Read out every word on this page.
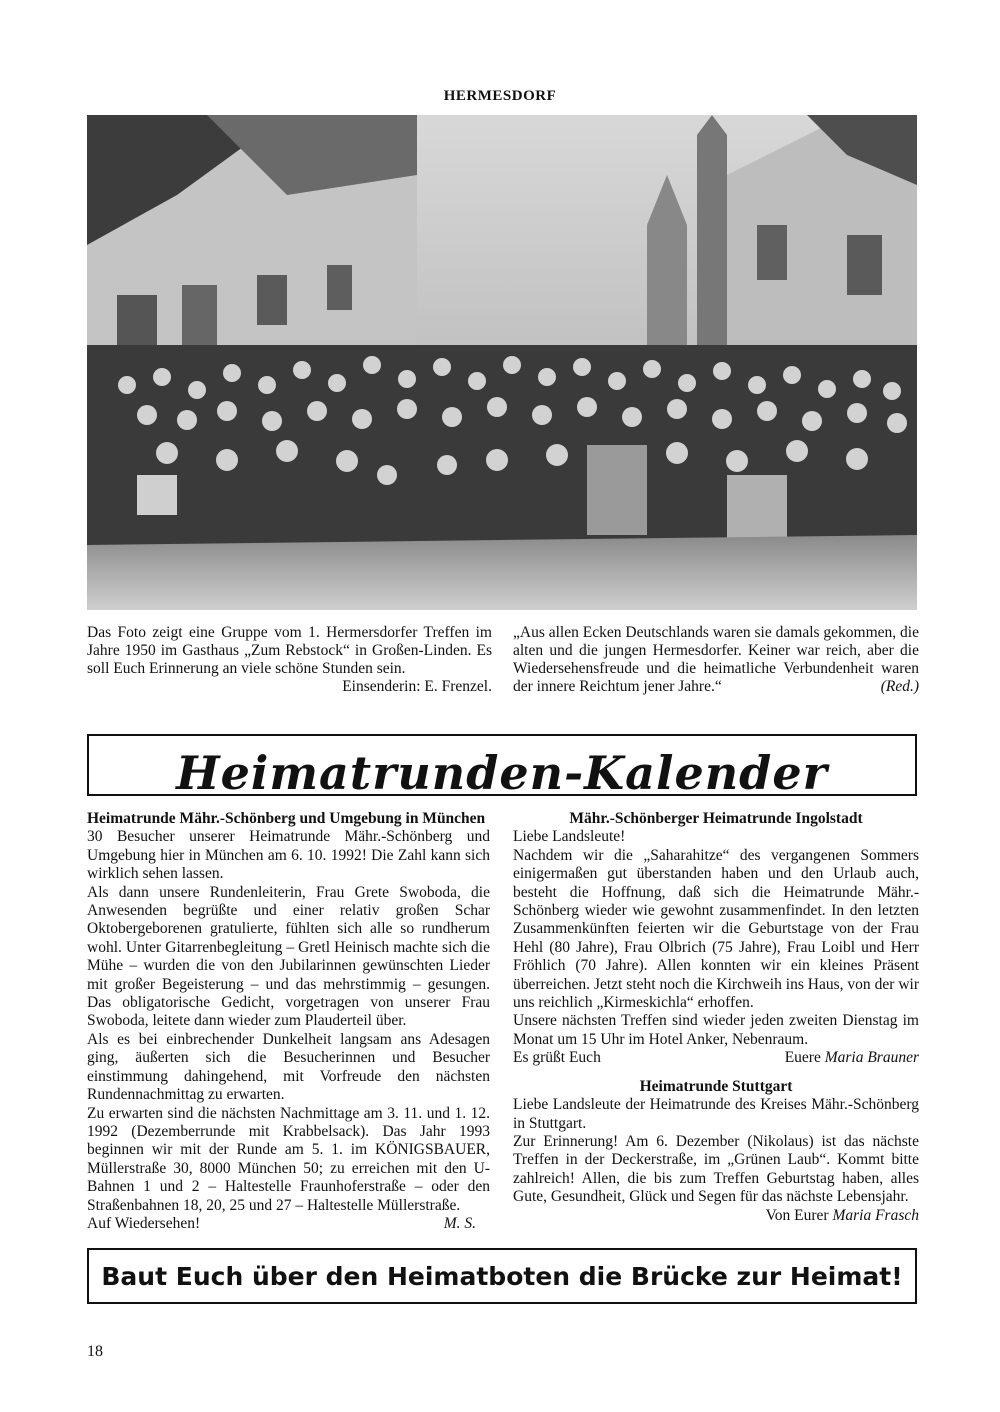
HERMESDORF

Das Foto zeigt eine Gruppe vom 1. Hermersdorfer Treffen im Jahre 1950 im Gasthaus „Zum Rebstock“ in Großen-Linden. Es soll Euch Erinnerung an viele schöne Stunden sein.

Einsenderin: E. Frenzel.

„Aus allen Ecken Deutschlands waren sie damals gekommen, die alten und die jungen Hermesdorfer. Keiner war reich, aber die Wiedersehensfreude und die heimatliche Verbundenheit waren der innere Reichtum jener Jahre.“	(Red.)

Heimatrunden-Kalender

Heimatrunde Mähr.-Schönberg und Umgebung in München

30 Besucher unserer Heimatrunde Mähr.-Schönberg und Umgebung hier in München am 6. 10. 1992! Die Zahl kann sich wirklich sehen lassen.

Als dann unsere Rundenleiterin, Frau Grete Swoboda, die Anwesenden begrüßte und einer relativ großen Schar Oktobergeborenen gratulierte, fühlten sich alle so rundherum wohl. Unter Gitarrenbegleitung – Gretl Heinisch machte sich die Mühe – wurden die von den Jubilarinnen gewünschten Lieder mit großer Begeisterung – und das mehrstimmig – gesungen. Das obligatorische Gedicht, vorgetragen von unserer Frau Swoboda, leitete dann wieder zum Plauderteil über.

Als es bei einbrechender Dunkelheit langsam ans Adesagen ging, äußerten sich die Besucherinnen und Besucher einstimmung dahingehend, mit Vorfreude den nächsten Rundennachmittag zu erwarten.

Zu erwarten sind die nächsten Nachmittage am 3. 11. und 1. 12. 1992 (Dezemberrunde mit Krabbelsack). Das Jahr 1993 beginnen wir mit der Runde am 5. 1. im KÖNIGSBAUER, Müllerstraße 30, 8000 München 50; zu erreichen mit den U-Bahnen 1 und 2 – Haltestelle Fraunhoferstraße – oder den Straßenbahnen 18, 20, 25 und 27 – Haltestelle Müllerstraße.

Auf Wiedersehen!	M. S.

Mähr.-Schönberger Heimatrunde Ingolstadt

Liebe Landsleute!

Nachdem wir die „Saharahitze“ des vergangenen Sommers einigermaßen gut überstanden haben und den Urlaub auch, besteht die Hoffnung, daß sich die Heimatrunde Mähr.-Schönberg wieder wie gewohnt zusammenfindet. In den letzten Zusammenkünften feierten wir die Geburtstage von der Frau Hehl (80 Jahre), Frau Olbrich (75 Jahre), Frau Loibl und Herr Fröhlich (70 Jahre). Allen konnten wir ein kleines Präsent überreichen. Jetzt steht noch die Kirchweih ins Haus, von der wir uns reichlich „Kirmeskichla“ erhoffen.

Unsere nächsten Treffen sind wieder jeden zweiten Dienstag im Monat um 15 Uhr im Hotel Anker, Nebenraum.

Es grüßt Euch	Euere Maria Brauner

Heimatrunde Stuttgart

Liebe Landsleute der Heimatrunde des Kreises Mähr.-Schönberg in Stuttgart.

Zur Erinnerung! Am 6. Dezember (Nikolaus) ist das nächste Treffen in der Deckerstraße, im „Grünen Laub“. Kommt bitte zahlreich! Allen, die bis zum Treffen Geburtstag haben, alles Gute, Gesundheit, Glück und Segen für das nächste Lebensjahr.

Von Eurer Maria Frasch

Baut Euch über den Heimatboten die Brücke zur Heimat!
18
